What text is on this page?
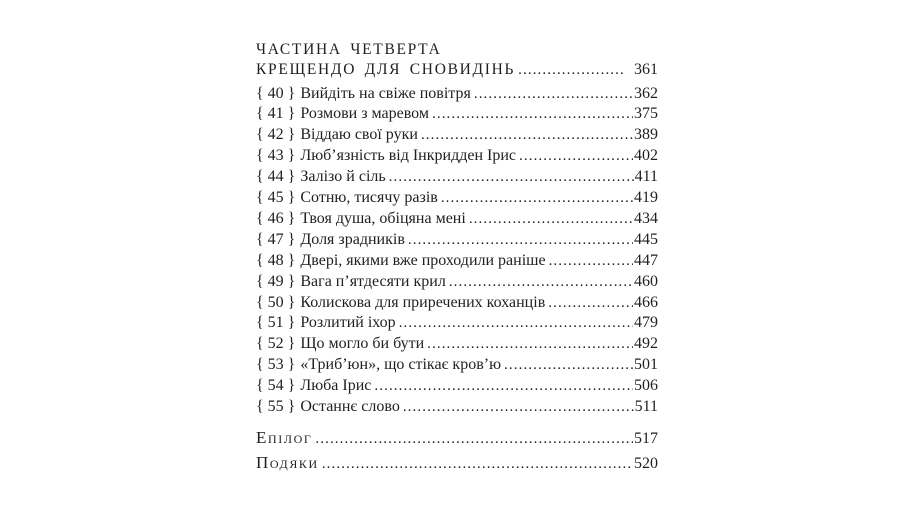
ЧАСТИНА ЧЕТВЕРТА
КРЕЩЕНДО ДЛЯ СНОВИДІНЬ .....	361
{ 40 } Вийдіть на свіже повітря .....	362
{ 41 } Розмови з маревом .....	375
{ 42 } Віддаю свої руки .....	389
{ 43 } Люб’язність від Інкридден Ірис .....	402
{ 44 } Залізо й сіль .....	411
{ 45 } Сотню, тисячу разів .....	419
{ 46 } Твоя душа, обіцяна мені .....	434
{ 47 } Доля зрадників .....	445
{ 48 } Двері, якими вже проходили раніше .....	447
{ 49 } Вага п’ятдесяти крил .....	460
{ 50 } Колискова для приречених коханців .....	466
{ 51 } Розлитий іхор .....	479
{ 52 } Що могло би бути .....	492
{ 53 } «Триб’юн», що стікає кров’ю .....	501
{ 54 } Люба Ірис .....	506
{ 55 } Останнє слово .....	511
Епілог .....	517
Подяки .....	520
